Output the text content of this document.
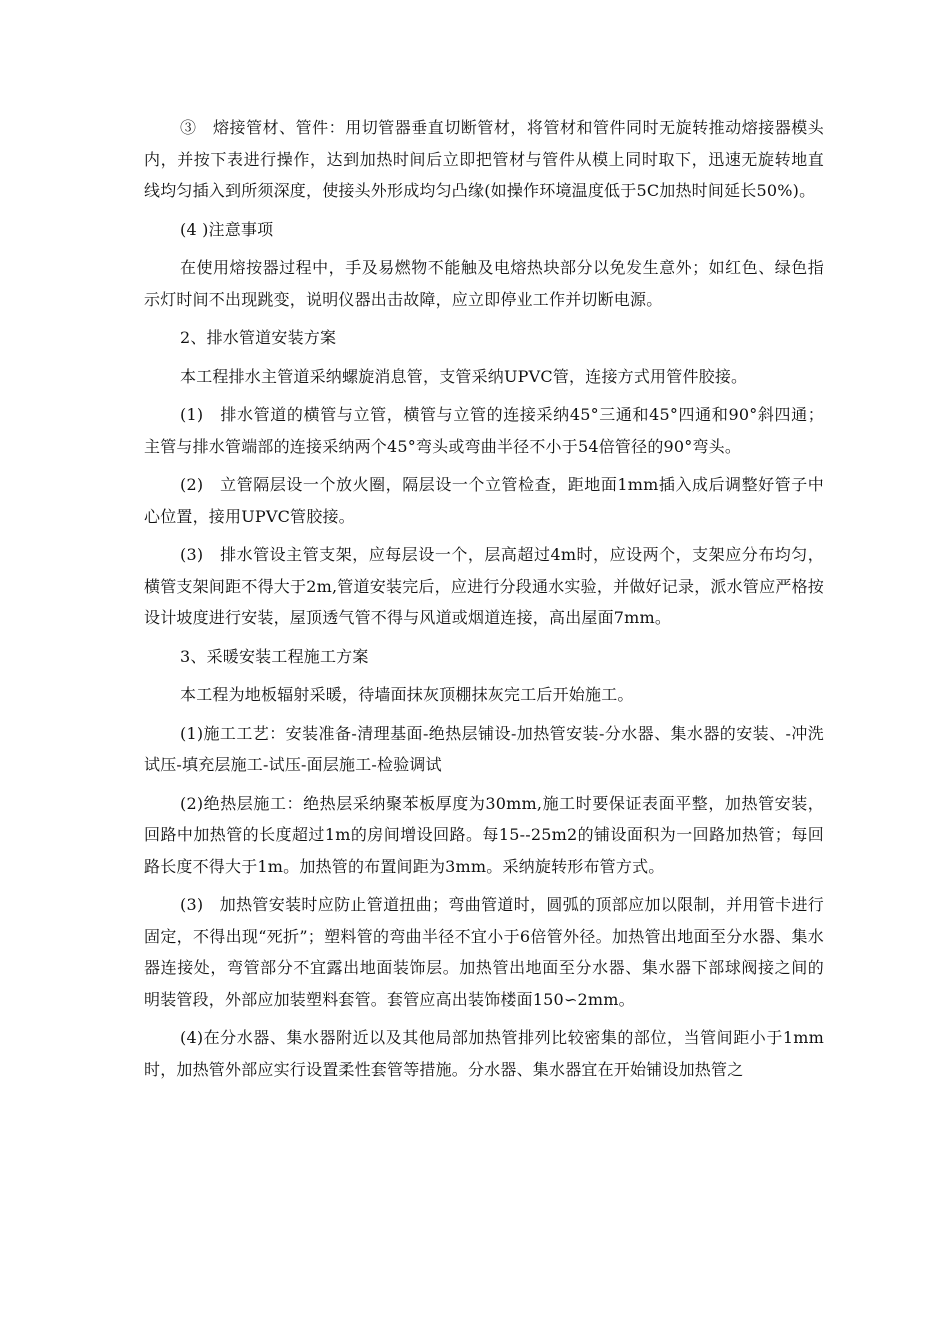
③　熔接管材、管件：用切管器垂直切断管材，将管材和管件同时无旋转推动熔接器模头内，并按下表进行操作，达到加热时间后立即把管材与管件从模上同时取下，迅速无旋转地直线均匀插入到所须深度，使接头外形成均匀凸缘(如操作环境温度低于5C加热时间延长50%)。

(4 )注意事项

在使用熔按器过程中，手及易燃物不能触及电熔热块部分以免发生意外；如红色、绿色指示灯时间不出现跳变，说明仪器出击故障，应立即停业工作并切断电源。

2、排水管道安装方案

本工程排水主管道采纳螺旋消息管，支管采纳UPVC管，连接方式用管件胶接。

(1)　排水管道的横管与立管，横管与立管的连接采纳45°三通和45°四通和90°斜四通；主管与排水管端部的连接采纳两个45°弯头或弯曲半径不小于54倍管径的90°弯头。

(2)　立管隔层设一个放火圈，隔层设一个立管检查，距地面1mm插入成后调整好管子中心位置，接用UPVC管胶接。

(3)　排水管设主管支架，应每层设一个，层高超过4m时，应设两个，支架应分布均匀，横管支架间距不得大于2m,管道安装完后，应进行分段通水实验，并做好记录，派水管应严格按设计坡度进行安装，屋顶透气管不得与风道或烟道连接，高出屋面7mm。

3、采暖安装工程施工方案

本工程为地板辐射采暖，待墙面抹灰顶棚抹灰完工后开始施工。

(1)施工工艺：安装准备-清理基面-绝热层铺设-加热管安装-分水器、集水器的安装、-冲洗试压-填充层施工-试压-面层施工-检验调试

(2)绝热层施工：绝热层采纳聚苯板厚度为30mm,施工时要保证表面平整，加热管安装，回路中加热管的长度超过1m的房间增设回路。每15--25m2的铺设面积为一回路加热管；每回路长度不得大于1m。加热管的布置间距为3mm。采纳旋转形布管方式。

(3)　加热管安装时应防止管道扭曲；弯曲管道时，圆弧的顶部应加以限制，并用管卡进行固定，不得出现“死折”；塑料管的弯曲半径不宜小于6倍管外径。加热管出地面至分水器、集水器连接处，弯管部分不宜露出地面装饰层。加热管出地面至分水器、集水器下部球阀接之间的明装管段，外部应加装塑料套管。套管应高出装饰楼面150∽2mm。

(4)在分水器、集水器附近以及其他局部加热管排列比较密集的部位，当管间距小于1mm时，加热管外部应实行设置柔性套管等措施。分水器、集水器宜在开始铺设加热管之
